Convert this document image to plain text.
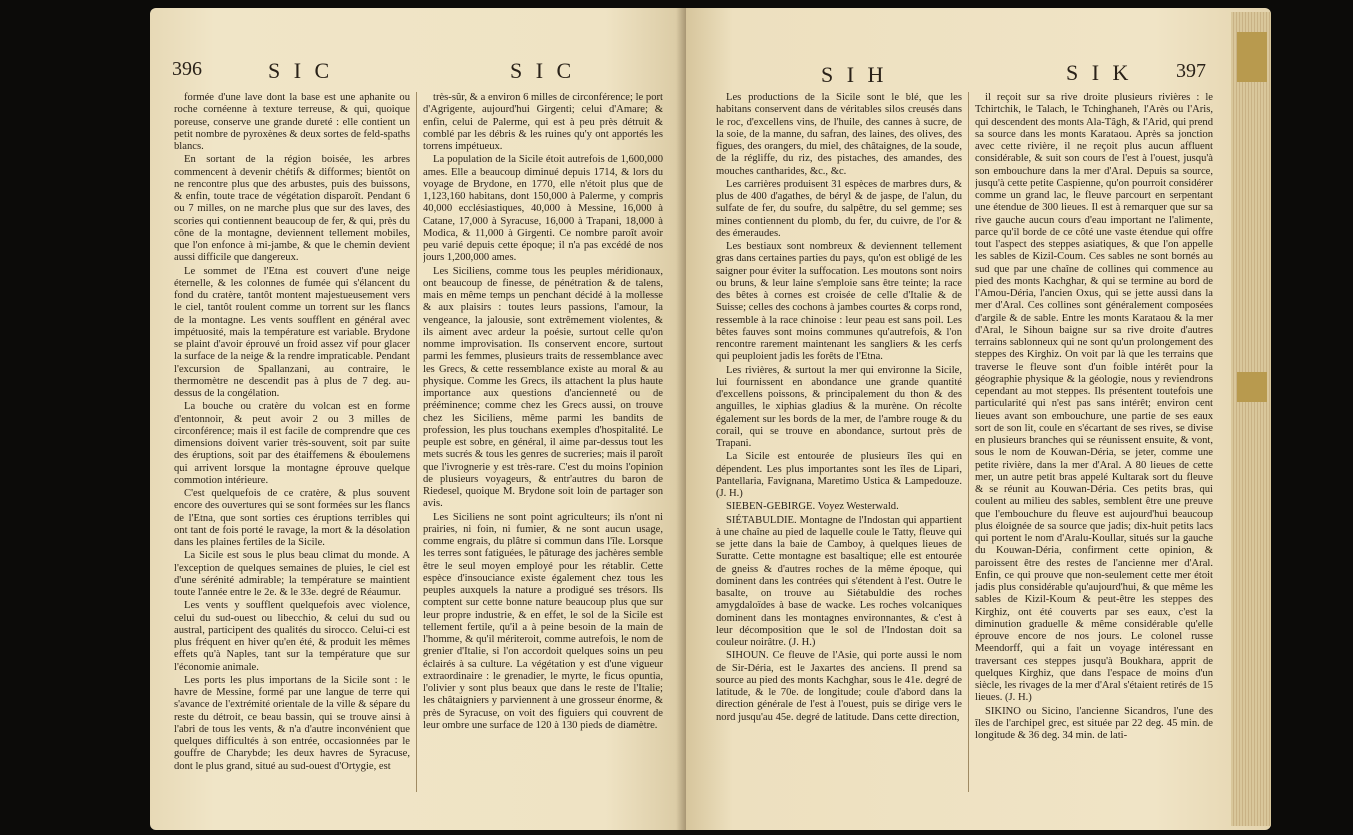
396	S I C	S I C

formée d'une lave dont la base est une aphanite ou roche cornéenne à texture terreuse, & qui, quoique poreuse, conserve une grande dureté : elle contient un petit nombre de pyroxènes & deux sortes de feld-spaths blancs.

En sortant de la région boisée, les arbres commencent à devenir chétifs & difformes; bientôt on ne rencontre plus que des arbustes, puis des buissons, & enfin, toute trace de végétation disparoît. Pendant 6 ou 7 milles, on ne marche plus que sur des laves, des scories qui contiennent beaucoup de fer, & qui, près du cône de la montagne, deviennent tellement mobiles, que l'on enfonce à mi-jambe, & que le chemin devient aussi difficile que dangereux.

Le sommet de l'Etna est couvert d'une neige éternelle, & les colonnes de fumée qui s'élancent du fond du cratère, tantôt montent majestueusement vers le ciel, tantôt roulent comme un torrent sur les flancs de la montagne. Les vents soufflent en général avec impétuosité, mais la température est variable. Brydone se plaint d'avoir éprouvé un froid assez vif pour glacer la surface de la neige & la rendre impraticable. Pendant l'excursion de Spallanzani, au contraire, le thermomètre ne descendit pas à plus de 7 deg. au-dessus de la congélation.

La bouche ou cratère du volcan est en forme d'entonnoir, & peut avoir 2 ou 3 milles de circonférence; mais il est facile de comprendre que ces dimensions doivent varier très-souvent, soit par suite des éruptions, soit par des étaiffemens & éboulemens qui arrivent lorsque la montagne éprouve quelque commotion intérieure.

C'est quelquefois de ce cratère, & plus souvent encore des ouvertures qui se sont formées sur les flancs de l'Etna, que sont sorties ces éruptions terribles qui ont tant de fois porté le ravage, la mort & la désolation dans les plaines fertiles de la Sicile.

La Sicile est sous le plus beau climat du monde. A l'exception de quelques semaines de pluies, le ciel est d'une sérénité admirable; la température se maintient toute l'année entre le 2e. & le 33e. degré de Réaumur.

Les vents y soufflent quelquefois avec violence, celui du sud-ouest ou libecchio, & celui du sud ou austral, participent des qualités du sirocco. Celui-ci est plus fréquent en hiver qu'en été, & produit les mêmes effets qu'à Naples, tant sur la température que sur l'économie animale.

Les ports les plus importans de la Sicile sont : le havre de Messine, formé par une langue de terre qui s'avance de l'extrémité orientale de la ville & sépare du reste du détroit, ce beau bassin, qui se trouve ainsi à l'abri de tous les vents, & n'a d'autre inconvénient que quelques difficultés à son entrée, occasionnées par le gouffre de Charybde; les deux havres de Syracuse, dont le plus grand, situé au sud-ouest d'Ortygie, est

très-sûr, & a environ 6 milles de circonférence; le port d'Agrigente, aujourd'hui Girgenti; celui d'Amare; & enfin, celui de Palerme, qui est à peu près détruit & comblé par les débris & les ruines qu'y ont apportés les torrens impétueux.

La population de la Sicile étoit autrefois de 1,600,000 ames. Elle a beaucoup diminué depuis 1714, & lors du voyage de Brydone, en 1770, elle n'étoit plus que de 1,123,160 habitans, dont 150,000 à Palerme, y compris 40,000 ecclésiastiques, 40,000 à Messine, 16,000 à Catane, 17,000 à Syracuse, 16,000 à Trapani, 18,000 à Modica, & 11,000 à Girgenti. Ce nombre paroît avoir peu varié depuis cette époque; il n'a pas excédé de nos jours 1,200,000 ames.

Les Siciliens, comme tous les peuples méridionaux, ont beaucoup de finesse, de pénétration & de talens, mais en même temps un penchant décidé à la mollesse & aux plaisirs : toutes leurs passions, l'amour, la vengeance, la jalousie, sont extrêmement violentes, & ils aiment avec ardeur la poésie, surtout celle qu'on nomme improvisation. Ils conservent encore, surtout parmi les femmes, plusieurs traits de ressemblance avec les Grecs, & cette ressemblance existe au moral & au physique. Comme les Grecs, ils attachent la plus haute importance aux questions d'ancienneté ou de prééminence; comme chez les Grecs aussi, on trouve chez les Siciliens, même parmi les bandits de profession, les plus touchans exemples d'hospitalité. Le peuple est sobre, en général, il aime par-dessus tout les mets sucrés & tous les genres de sucreries; mais il paroît que l'ivrognerie y est très-rare. C'est du moins l'opinion de plusieurs voyageurs, & entr'autres du baron de Riedesel, quoique M. Brydone soit loin de partager son avis.

Les Siciliens ne sont point agriculteurs; ils n'ont ni prairies, ni foin, ni fumier, & ne sont aucun usage, comme engrais, du plâtre si commun dans l'île. Lorsque les terres sont fatiguées, le pâturage des jachères semble être le seul moyen employé pour les rétablir. Cette espèce d'insouciance existe également chez tous les peuples auxquels la nature a prodigué ses trésors. Ils comptent sur cette bonne nature beaucoup plus que sur leur propre industrie, & en effet, le sol de la Sicile est tellement fertile, qu'il a à peine besoin de la main de l'homme, & qu'il mériteroit, comme autrefois, le nom de grenier d'Italie, si l'on accordoit quelques soins un peu éclairés à sa culture. La végétation y est d'une vigueur extraordinaire : le grenadier, le myrte, le ficus opuntia, l'olivier y sont plus beaux que dans le reste de l'Italie; les châtaigniers y parviennent à une grosseur énorme, & près de Syracuse, on voit des figuiers qui couvrent de leur ombre une surface de 120 à 130 pieds de diamètre.

S I H	S I K 397

Les productions de la Sicile sont le blé, que les habitans conservent dans de véritables silos creusés dans le roc, d'excellens vins, de l'huile, des cannes à sucre, de la soie, de la manne, du safran, des laines, des olives, des figues, des orangers, du miel, des châtaignes, de la soude, de la régliffe, du riz, des pistaches, des amandes, des mouches cantharides, &c., &c.

Les carrières produisent 31 espèces de marbres durs, & plus de 400 d'agathes, de béryl & de jaspe, de l'alun, du sulfate de fer, du soufre, du salpêtre, du sel gemme; ses mines contiennent du plomb, du fer, du cuivre, de l'or & des émeraudes.

Les bestiaux sont nombreux & deviennent tellement gras dans certaines parties du pays, qu'on est obligé de les saigner pour éviter la suffocation. Les moutons sont noirs ou bruns, & leur laine s'emploie sans être teinte; la race des bêtes à cornes est croisée de celle d'Italie & de Suisse; celles des cochons à jambes courtes & corps rond, ressemble à la race chinoise : leur peau est sans poil. Les bêtes fauves sont moins communes qu'autrefois, & l'on rencontre rarement maintenant les sangliers & les cerfs qui peuploient jadis les forêts de l'Etna.

Les rivières, & surtout la mer qui environne la Sicile, lui fournissent en abondance une grande quantité d'excellens poissons, & principalement du thon & des anguilles, le xiphias gladius & la murène. On récolte également sur les bords de la mer, de l'ambre rouge & du corail, qui se trouve en abondance, surtout près de Trapani.

La Sicile est entourée de plusieurs îles qui en dépendent. Les plus importantes sont les îles de Lipari, Pantellaria, Favignana, Maretimo Ustica & Lampedouze. (J. H.)

SIEBEN-GEBIRGE. Voyez Westerwald.

SIÉTABULDIE. Montagne de l'Indostan qui appartient à une chaîne au pied de laquelle coule le Tatty, fleuve qui se jette dans la baie de Camboy, à quelques lieues de Suratte. Cette montagne est basaltique; elle est entourée de gneiss & d'autres roches de la même époque, qui dominent dans les contrées qui s'étendent à l'est. Outre le basalte, on trouve au Siétabuldie des roches amygdaloïdes à base de wacke. Les roches volcaniques dominent dans les montagnes environnantes, & c'est à leur décomposition que le sol de l'Indostan doit sa couleur noirâtre. (J. H.)

SIHOUN. Ce fleuve de l'Asie, qui porte aussi le nom de Sir-Déria, est le Jaxartes des anciens. Il prend sa source au pied des monts Kachghar, sous le 41e. degré de latitude, & le 70e. de longitude; coule d'abord dans la direction générale de l'est à l'ouest, puis se dirige vers le nord jusqu'au 45e. degré de latitude. Dans cette direction,

il reçoit sur sa rive droite plusieurs rivières : le Tchirtchik, le Talach, le Tchinghaneh, l'Arès ou l'Aris, qui descendent des monts Ala-Tâgh, & l'Arid, qui prend sa source dans les monts Karataou. Après sa jonction avec cette rivière, il ne reçoit plus aucun affluent considérable, & suit son cours de l'est à l'ouest, jusqu'à son embouchure dans la mer d'Aral. Depuis sa source, jusqu'à cette petite Caspienne, qu'on pourroit considérer comme un grand lac, le fleuve parcourt en serpentant une étendue de 300 lieues. Il est à remarquer que sur sa rive gauche aucun cours d'eau important ne l'alimente, parce qu'il borde de ce côté une vaste étendue qui offre tout l'aspect des steppes asiatiques, & que l'on appelle les sables de Kizil-Coum. Ces sables ne sont bornés au sud que par une chaîne de collines qui commence au pied des monts Kachghar, & qui se termine au bord de l'Amou-Déria, l'ancien Oxus, qui se jette aussi dans la mer d'Aral. Ces collines sont généralement composées d'argile & de sable. Entre les monts Karataou & la mer d'Aral, le Sihoun baigne sur sa rive droite d'autres terrains sablonneux qui ne sont qu'un prolongement des steppes des Kirghiz. On voit par là que les terrains que traverse le fleuve sont d'un foible intérêt pour la géographie physique & la géologie, nous y reviendrons cependant au mot steppes. Ils présentent toutefois une particularité qui n'est pas sans intérêt; environ cent lieues avant son embouchure, une partie de ses eaux sort de son lit, coule en s'écartant de ses rives, se divise en plusieurs branches qui se réunissent ensuite, & vont, sous le nom de Kouwan-Déria, se jeter, comme une petite rivière, dans la mer d'Aral. A 80 lieues de cette mer, un autre petit bras appelé Kultarak sort du fleuve & se réunit au Kouwan-Déria. Ces petits bras, qui coulent au milieu des sables, semblent être une preuve que l'embouchure du fleuve est aujourd'hui beaucoup plus éloignée de sa source que jadis; dix-huit petits lacs qui portent le nom d'Aralu-Koullar, situés sur la gauche du Kouwan-Déria, confirment cette opinion, & paroissent être des restes de l'ancienne mer d'Aral. Enfin, ce qui prouve que non-seulement cette mer étoit jadis plus considérable qu'aujourd'hui, & que même les sables de Kizil-Koum & peut-être les steppes des Kirghiz, ont été couverts par ses eaux, c'est la diminution graduelle & même considérable qu'elle éprouve encore de nos jours. Le colonel russe Meendorff, qui a fait un voyage intéressant en traversant ces steppes jusqu'à Boukhara, apprit de quelques Kirghiz, que dans l'espace de moins d'un siècle, les rivages de la mer d'Aral s'étaient retirés de 15 lieues. (J. H.)

SIKINO ou Sicino, l'ancienne Sicandros, l'une des îles de l'archipel grec, est située par 22 deg. 45 min. de longitude & 36 deg. 34 min. de lati-
